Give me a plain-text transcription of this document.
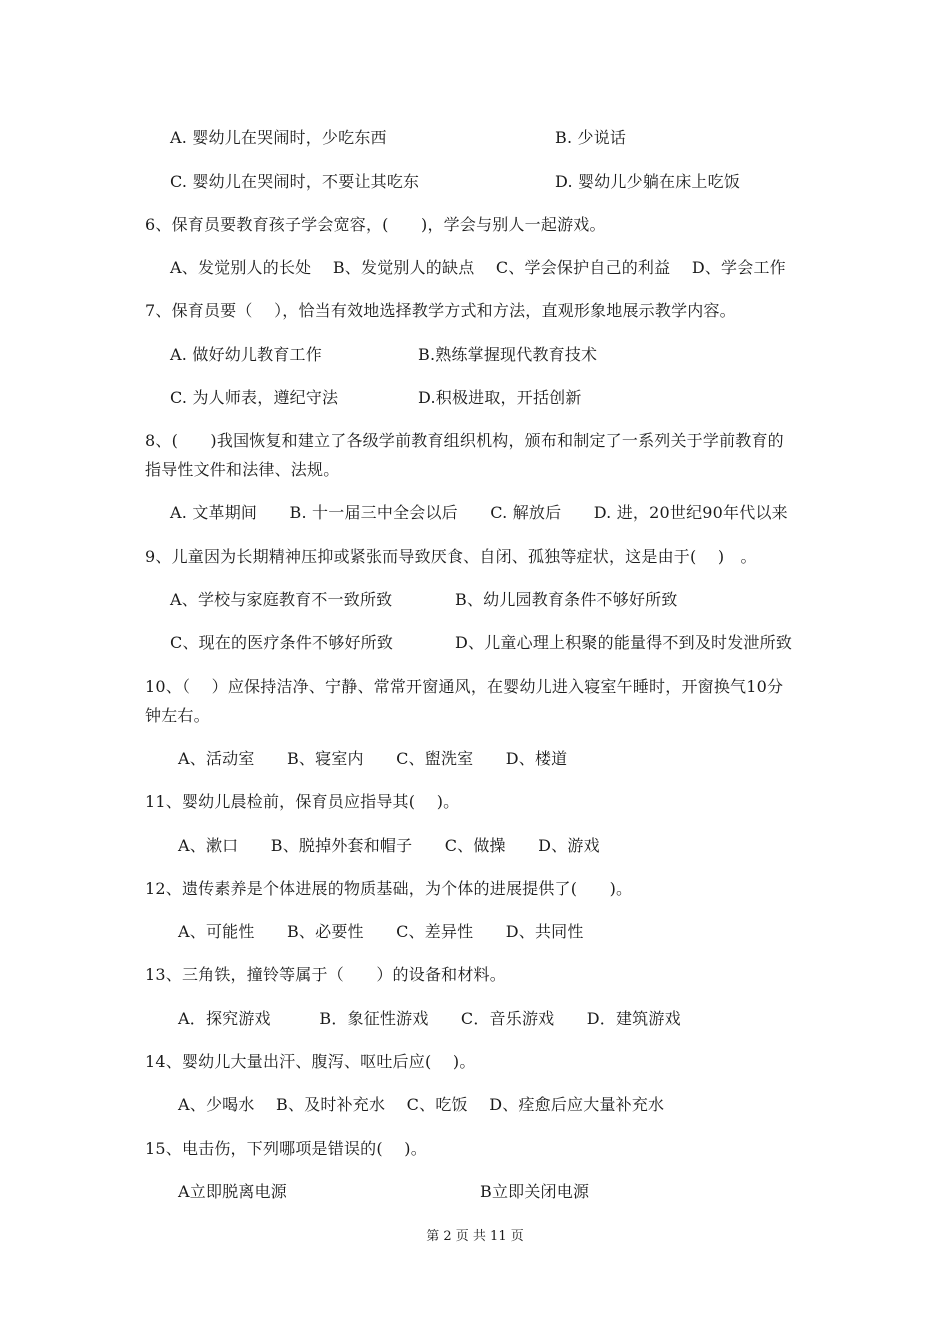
A. 婴幼儿在哭闹时，少吃东西	B. 少说话
C. 婴幼儿在哭闹时，不要让其吃东	D. 婴幼儿少躺在床上吃饭
6、保育员要教育孩子学会宽容，(　　)，学会与别人一起游戏。
A、发觉别人的长处　 B、发觉别人的缺点　 C、学会保护自己的利益　 D、学会工作
7、保育员要（　 ），恰当有效地选择教学方式和方法，直观形象地展示教学内容。
A. 做好幼儿教育工作	B.熟练掌握现代教育技术
C. 为人师表，遵纪守法	D.积极进取，开括创新
8、(　　)我国恢复和建立了各级学前教育组织机构，颁布和制定了一系列关于学前教育的
指导性文件和法律、法规。
A. 文革期间　　B. 十一届三中全会以后　　C. 解放后　　D. 进，20世纪90年代以来
9、儿童因为长期精神压抑或紧张而导致厌食、自闭、孤独等症状，这是由于(　 )　。
A、学校与家庭教育不一致所致	B、幼儿园教育条件不够好所致
C、现在的医疗条件不够好所致	D、儿童心理上积聚的能量得不到及时发泄所致
10、（　 ）应保持洁净、宁静、常常开窗通风，在婴幼儿进入寝室午睡时，开窗换气10分
钟左右。
A、活动室　　B、寝室内　　C、盥洗室　　D、楼道
11、婴幼儿晨检前，保育员应指导其(　 )。
A、漱口　　B、脱掉外套和帽子　　C、做操　　D、游戏
12、遗传素养是个体进展的物质基础，为个体的进展提供了(　　)。
A、可能性　　B、必要性　　C、差异性　　D、共同性
13、三角铁，撞铃等属于（　　）的设备和材料。
A．探究游戏　　　B．象征性游戏　　C．音乐游戏　　D．建筑游戏
14、婴幼儿大量出汗、腹泻、呕吐后应(　 )。
A、少喝水　 B、及时补充水　 C、吃饭　 D、痊愈后应大量补充水
15、电击伤，下列哪项是错误的(　 )。
A立即脱离电源	B立即关闭电源
第 2 页 共 11 页
